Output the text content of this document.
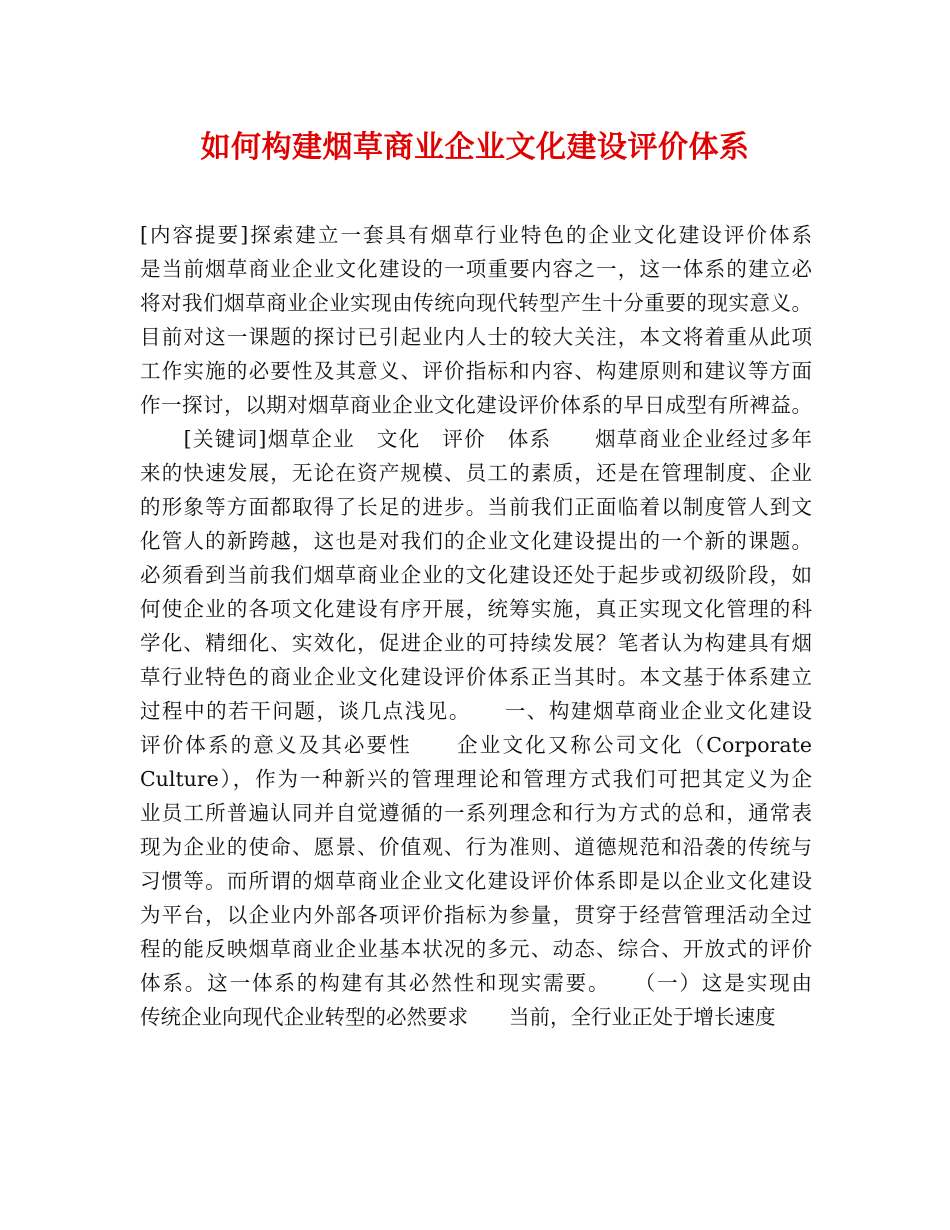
如何构建烟草商业企业文化建设评价体系
[内容提要]探索建立一套具有烟草行业特色的企业文化建设评价体系
是当前烟草商业企业文化建设的一项重要内容之一，这一体系的建立必
将对我们烟草商业企业实现由传统向现代转型产生十分重要的现实意义。
目前对这一课题的探讨已引起业内人士的较大关注，本文将着重从此项
工作实施的必要性及其意义、评价指标和内容、构建原则和建议等方面
作一探讨，以期对烟草商业企业文化建设评价体系的早日成型有所裨益。
　　[关键词]烟草企业　文化　评价　体系　　烟草商业企业经过多年
来的快速发展，无论在资产规模、员工的素质，还是在管理制度、企业
的形象等方面都取得了长足的进步。当前我们正面临着以制度管人到文
化管人的新跨越，这也是对我们的企业文化建设提出的一个新的课题。
必须看到当前我们烟草商业企业的文化建设还处于起步或初级阶段，如
何使企业的各项文化建设有序开展，统筹实施，真正实现文化管理的科
学化、精细化、实效化，促进企业的可持续发展？笔者认为构建具有烟
草行业特色的商业企业文化建设评价体系正当其时。本文基于体系建立
过程中的若干问题，谈几点浅见。　　一、构建烟草商业企业文化建设
评价体系的意义及其必要性　　企业文化又称公司文化（Corporate
Culture），作为一种新兴的管理理论和管理方式我们可把其定义为企
业员工所普遍认同并自觉遵循的一系列理念和行为方式的总和，通常表
现为企业的使命、愿景、价值观、行为准则、道德规范和沿袭的传统与
习惯等。而所谓的烟草商业企业文化建设评价体系即是以企业文化建设
为平台，以企业内外部各项评价指标为参量，贯穿于经营管理活动全过
程的能反映烟草商业企业基本状况的多元、动态、综合、开放式的评价
体系。这一体系的构建有其必然性和现实需要。　　（一）这是实现由
传统企业向现代企业转型的必然要求　　当前，全行业正处于增长速度
